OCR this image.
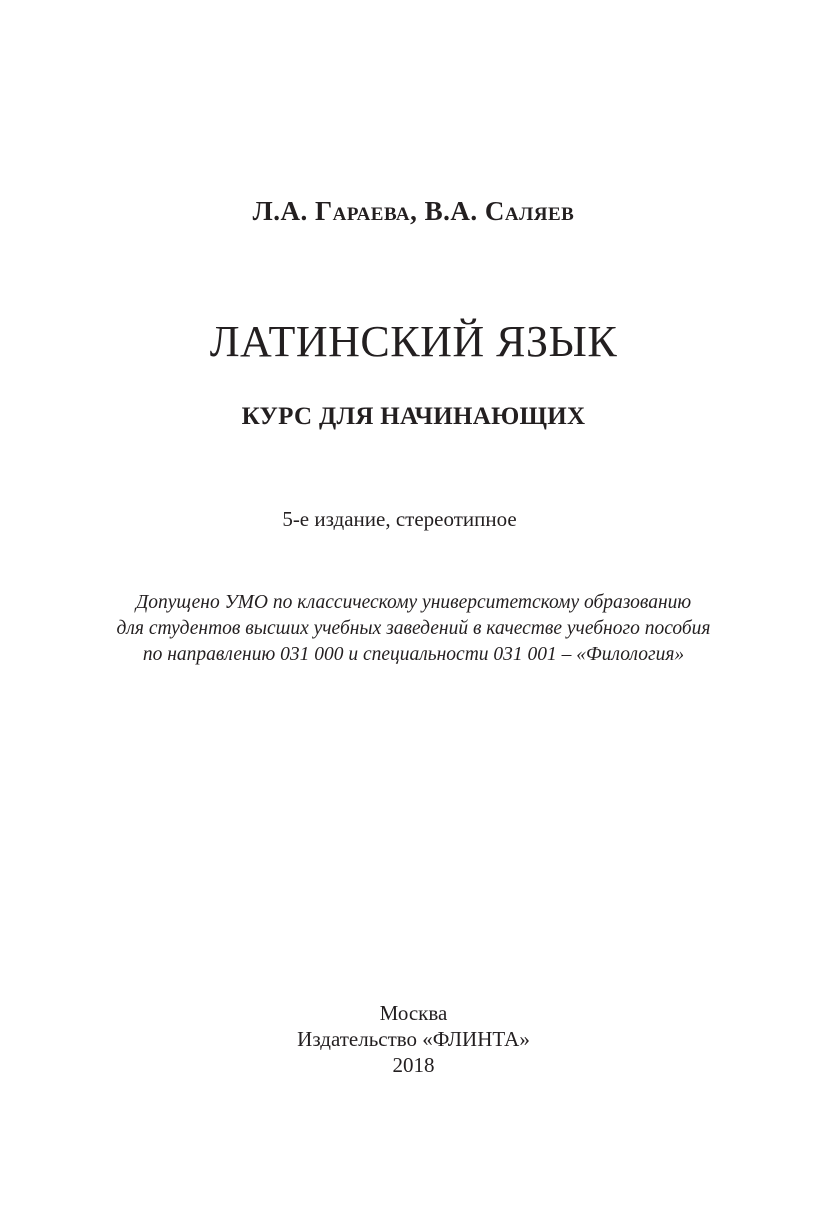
Л.А. Гараева, В.А. Саляев
ЛАТИНСКИЙ ЯЗЫК
КУРС ДЛЯ НАЧИНАЮЩИХ
5-е издание, стереотипное
Допущено УМО по классическому университетскому образованию
для студентов высших учебных заведений в качестве учебного пособия
по направлению 031 000 и специальности 031 001 – «Филология»
Москва
Издательство «ФЛИНТА»
2018
